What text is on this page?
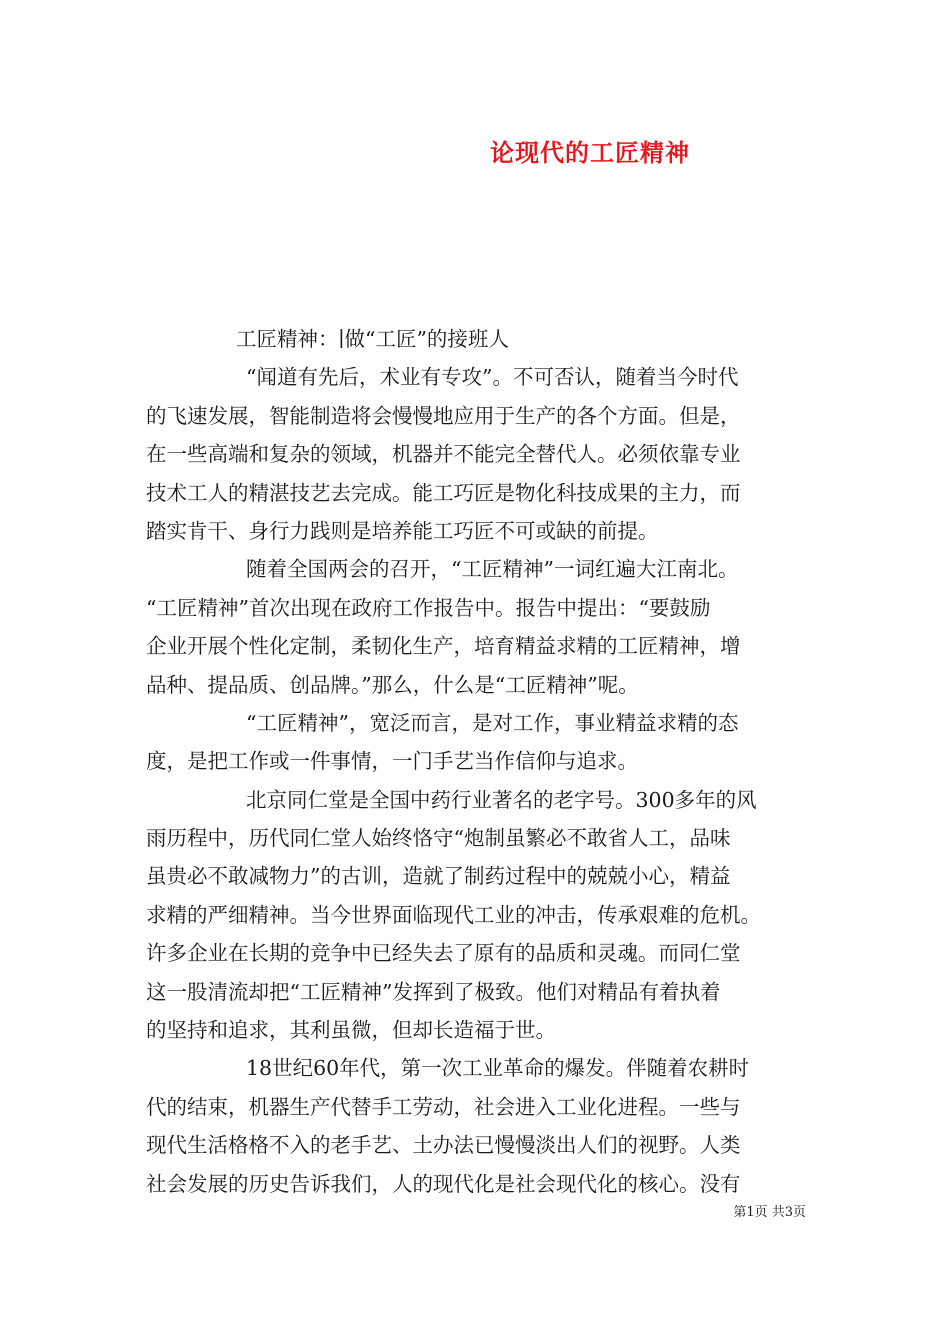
论现代的工匠精神
工匠精神：∣做“工匠”的接班人
“闻道有先后，术业有专攻”。不可否认，随着当今时代
的飞速发展，智能制造将会慢慢地应用于生产的各个方面。但是，
在一些高端和复杂的领域，机器并不能完全替代人。必须依靠专业
技术工人的精湛技艺去完成。能工巧匠是物化科技成果的主力，而
踏实肯干、身行力践则是培养能工巧匠不可或缺的前提。
随着全国两会的召开，“工匠精神”一词红遍大江南北。
“工匠精神”首次出现在政府工作报告中。报告中提出：“要鼓励
企业开展个性化定制，柔韧化生产，培育精益求精的工匠精神，增
品种、提品质、创品牌。”那么，什么是“工匠精神”呢。
“工匠精神”，宽泛而言，是对工作，事业精益求精的态
度，是把工作或一件事情，一门手艺当作信仰与追求。
北京同仁堂是全国中药行业著名的老字号。300多年的风
雨历程中，历代同仁堂人始终恪守“炮制虽繁必不敢省人工，品味
虽贵必不敢减物力”的古训，造就了制药过程中的兢兢小心，精益
求精的严细精神。当今世界面临现代工业的冲击，传承艰难的危机。
许多企业在长期的竞争中已经失去了原有的品质和灵魂。而同仁堂
这一股清流却把“工匠精神”发挥到了极致。他们对精品有着执着
的坚持和追求，其利虽微，但却长造福于世。
18世纪60年代，第一次工业革命的爆发。伴随着农耕时
代的结束，机器生产代替手工劳动，社会进入工业化进程。一些与
现代生活格格不入的老手艺、土办法已慢慢淡出人们的视野。人类
社会发展的历史告诉我们，人的现代化是社会现代化的核心。没有
第1页 共3页
